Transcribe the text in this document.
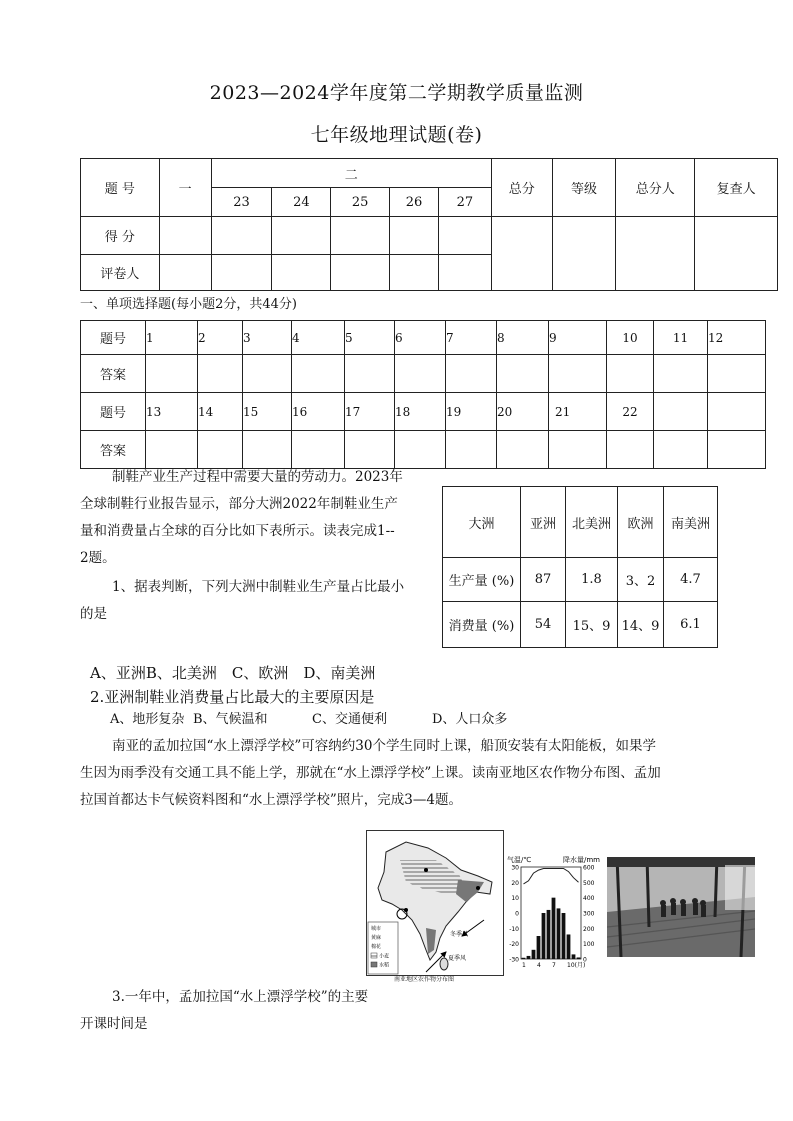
2023—2024学年度第二学期教学质量监测
七年级地理试题(卷)
题 号	一	二					总分	等级	总分人	复查人
		23	24	25	26	27				
得 分										
评卷人										
一、单项选择题(每小题2分，共44分)
题号	1	2	3	4	5	6	7	8	9	10	11	12
答案												
题号	13	14	15	16	17	18	19	20	21	22		
答案												
制鞋产业生产过程中需要大量的劳动力。2023年
全球制鞋行业报告显示，部分大洲2022年制鞋业生产
量和消费量占全球的百分比如下表所示。读表完成1--
2题。
大洲	亚洲	北美洲	欧洲	南美洲
生产量 (%)	87	1.8	3、2	4.7
消费量 (%)	54	15、9	14、9	6.1
1、据表判断，下列大洲中制鞋业生产量占比最小
的是
A、亚洲B、北美洲　C、欧洲　D、南美洲
2.亚洲制鞋业消费量占比最大的主要原因是
A、地形复杂 B、气候温和	C、交通便利	D、人口众多
南亚的孟加拉国“水上漂浮学校”可容纳约30个学生同时上课，船顶安装有太阳能板，如果学
生因为雨季没有交通工具不能上学，那就在“水上漂浮学校”上课。读南亚地区农作物分布图、孟加
拉国首都达卡气候资料图和“水上漂浮学校”照片，完成3—4题。
城市
黄麻
棉花
小麦
水稻
冬季风
夏季风
南亚地区农作物分布图
气温/℃	降水量/mm
30
20
10
0
-10
-20
-30
600
500
400
300
200
100
0
1 4 7 10(月)
3.一年中，孟加拉国“水上漂浮学校”的主要
开课时间是
